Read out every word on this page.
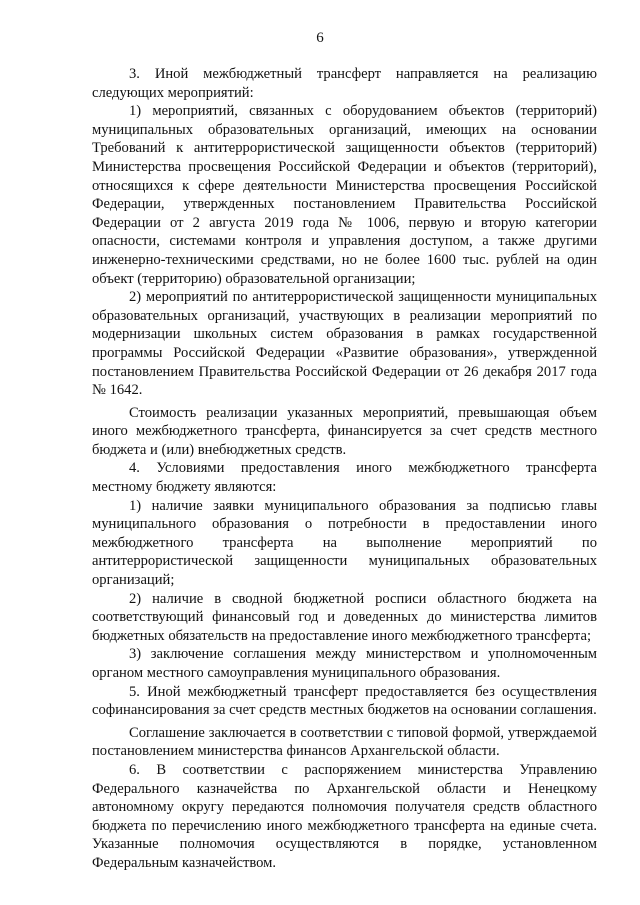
6

3. Иной межбюджетный трансферт направляется на реализацию следующих мероприятий:

1) мероприятий, связанных с оборудованием объектов (территорий) муниципальных образовательных организаций, имеющих на основании Требований к антитеррористической защищенности объектов (территорий) Министерства просвещения Российской Федерации и объектов (территорий), относящихся к сфере деятельности Министерства просвещения Российской Федерации, утвержденных постановлением Правительства Российской Федерации от 2 августа 2019 года № 1006, первую и вторую категории опасности, системами контроля и управления доступом, а также другими инженерно-техническими средствами, но не более 1600 тыс. рублей на один объект (территорию) образовательной организации;

2) мероприятий по антитеррористической защищенности муниципальных образовательных организаций, участвующих в реализации мероприятий по модернизации школьных систем образования в рамках государственной программы Российской Федерации «Развитие образования», утвержденной постановлением Правительства Российской Федерации от 26 декабря 2017 года № 1642.

Стоимость реализации указанных мероприятий, превышающая объем иного межбюджетного трансферта, финансируется за счет средств местного бюджета и (или) внебюджетных средств.

4. Условиями предоставления иного межбюджетного трансферта местному бюджету являются:

1) наличие заявки муниципального образования за подписью главы муниципального образования о потребности в предоставлении иного межбюджетного трансферта на выполнение мероприятий по антитеррористической защищенности муниципальных образовательных организаций;

2) наличие в сводной бюджетной росписи областного бюджета на соответствующий финансовый год и доведенных до министерства лимитов бюджетных обязательств на предоставление иного межбюджетного трансферта;

3) заключение соглашения между министерством и уполномоченным органом местного самоуправления муниципального образования.

5. Иной межбюджетный трансферт предоставляется без осуществления софинансирования за счет средств местных бюджетов на основании соглашения.

Соглашение заключается в соответствии с типовой формой, утверждаемой постановлением министерства финансов Архангельской области.

6. В соответствии с распоряжением министерства Управлению Федерального казначейства по Архангельской области и Ненецкому автономному округу передаются полномочия получателя средств областного бюджета по перечислению иного межбюджетного трансферта на единые счета. Указанные полномочия осуществляются в порядке, установленном Федеральным казначейством.
